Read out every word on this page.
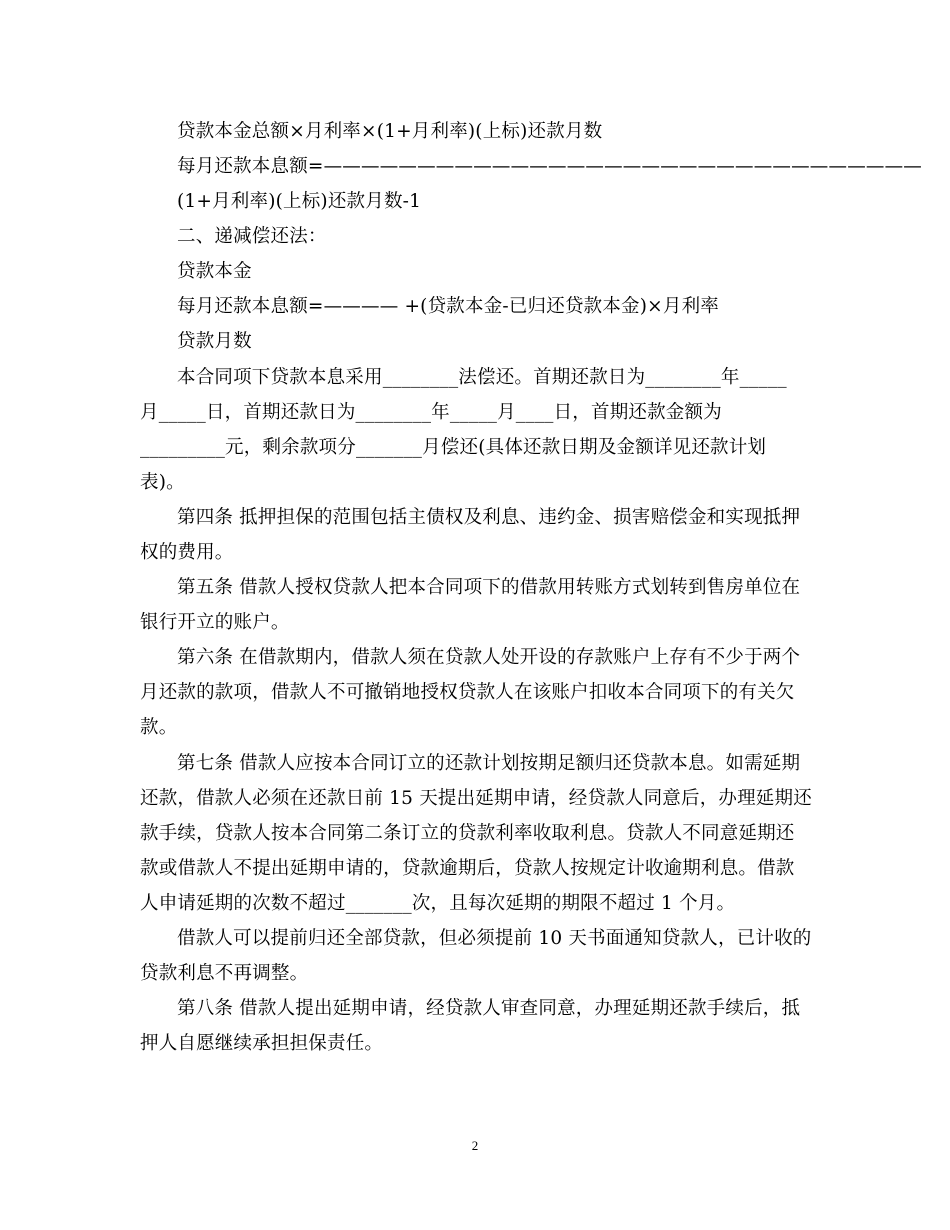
贷款本金总额×月利率×(1+月利率)(上标)还款月数
每月还款本息额=————————————————————————————————
(1+月利率)(上标)还款月数-1
二、递减偿还法：
贷款本金
每月还款本息额=———— +(贷款本金-已归还贷款本金)×月利率
贷款月数
本合同项下贷款本息采用________法偿还。首期还款日为________年_____
月_____日，首期还款日为________年_____月____日，首期还款金额为
_________元，剩余款项分_______月偿还(具体还款日期及金额详见还款计划
表)。
第四条 抵押担保的范围包括主债权及利息、违约金、损害赔偿金和实现抵押
权的费用。
第五条 借款人授权贷款人把本合同项下的借款用转账方式划转到售房单位在
银行开立的账户。
第六条 在借款期内，借款人须在贷款人处开设的存款账户上存有不少于两个
月还款的款项，借款人不可撤销地授权贷款人在该账户扣收本合同项下的有关欠
款。
第七条 借款人应按本合同订立的还款计划按期足额归还贷款本息。如需延期
还款，借款人必须在还款日前 15 天提出延期申请，经贷款人同意后，办理延期还
款手续，贷款人按本合同第二条订立的贷款利率收取利息。贷款人不同意延期还
款或借款人不提出延期申请的，贷款逾期后，贷款人按规定计收逾期利息。借款
人申请延期的次数不超过_______次，且每次延期的期限不超过 1 个月。
借款人可以提前归还全部贷款，但必须提前 10 天书面通知贷款人，已计收的
贷款利息不再调整。
第八条 借款人提出延期申请，经贷款人审查同意，办理延期还款手续后，抵
押人自愿继续承担担保责任。
2
